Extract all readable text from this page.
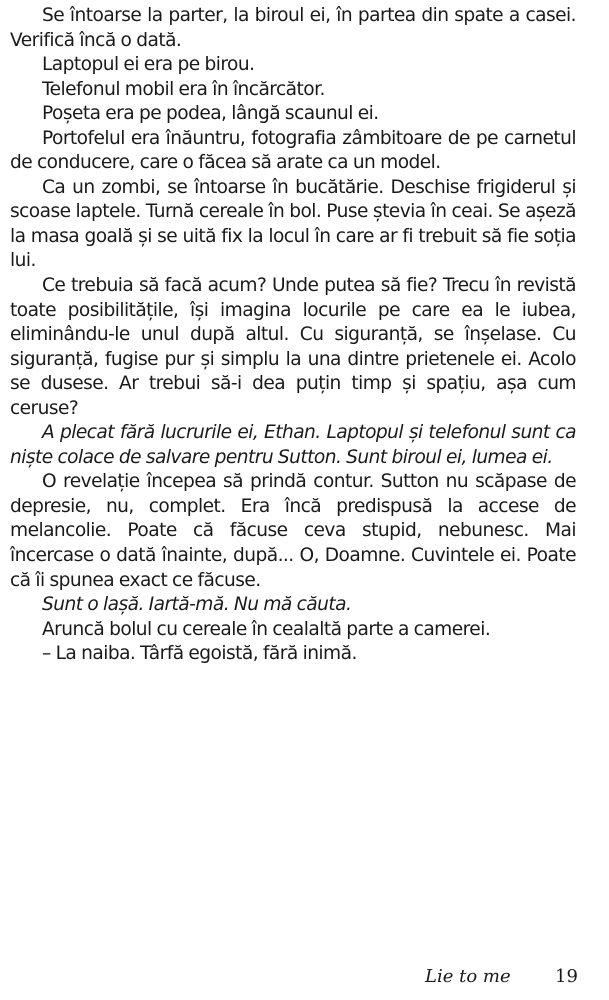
Se întoarse la parter, la biroul ei, în partea din spate a casei. Verifică încă o dată.

Laptopul ei era pe birou.

Telefonul mobil era în încărcător.

Poșeta era pe podea, lângă scaunul ei.

Portofelul era înăuntru, fotografia zâmbitoare de pe carnetul de conducere, care o făcea să arate ca un model.

Ca un zombi, se întoarse în bucătărie. Deschise frigiderul și scoase laptele. Turnă cereale în bol. Puse ștevia în ceai. Se așeză la masa goală și se uită fix la locul în care ar fi trebuit să fie soția lui.

Ce trebuia să facă acum? Unde putea să fie? Trecu în revistă toate posibilitățile, își imagina locurile pe care ea le iubea, eliminându-le unul după altul. Cu siguranță, se înșelase. Cu siguranță, fugise pur și simplu la una dintre prietenele ei. Acolo se dusese. Ar trebui să-i dea puțin timp și spațiu, așa cum ceruse?

A plecat fără lucrurile ei, Ethan. Laptopul și telefonul sunt ca niște colace de salvare pentru Sutton. Sunt biroul ei, lumea ei.

O revelație începea să prindă contur. Sutton nu scăpase de depresie, nu, complet. Era încă predispusă la accese de melancolie. Poate că făcuse ceva stupid, nebunesc. Mai încercase o dată înainte, după... O, Doamne. Cuvintele ei. Poate că îi spunea exact ce făcuse.

Sunt o lașă. Iartă-mă. Nu mă căuta.

Aruncă bolul cu cereale în cealaltă parte a camerei.

– La naiba. Târfă egoistă, fără inimă.

Lie to me 19
